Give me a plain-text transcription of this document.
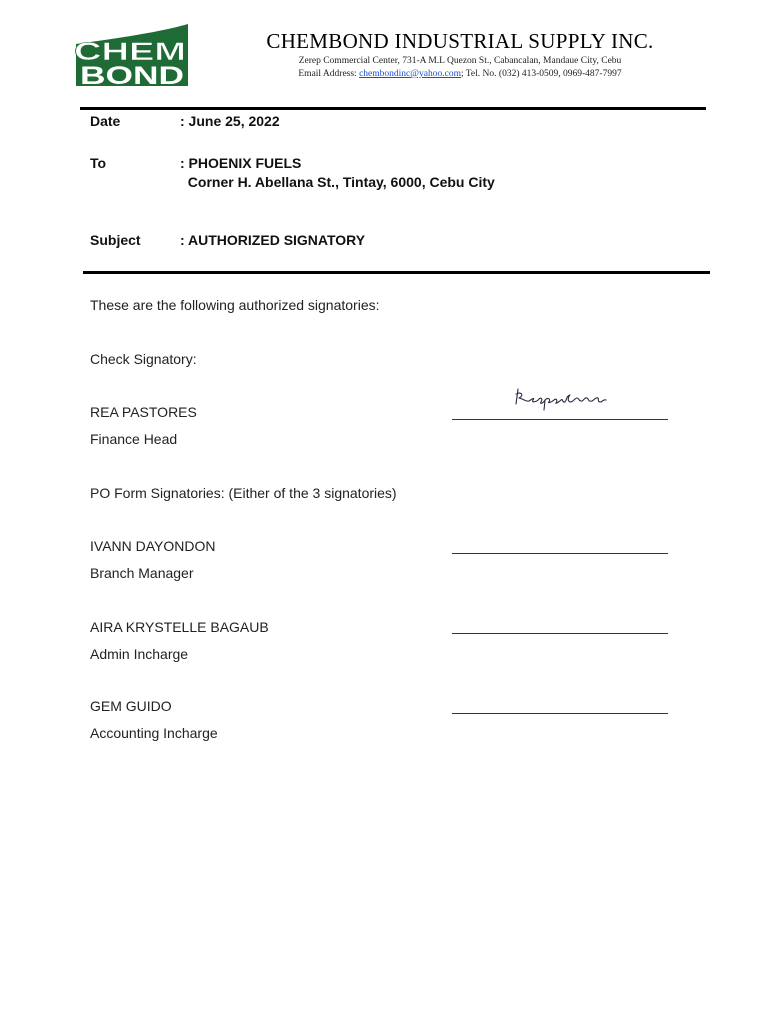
CHEM
BOND
CHEMBOND INDUSTRIAL SUPPLY INC.
Zerep Commercial Center, 731-A M.L Quezon St., Cabancalan, Mandaue City, Cebu
Email Address: chembondinc@yahoo.com; Tel. No. (032) 413-0509, 0969-487-7997
Date	: June 25, 2022
To	: PHOENIX FUELS
Corner H. Abellana St., Tintay, 6000, Cebu City
Subject	: AUTHORIZED SIGNATORY
These are the following authorized signatories:
Check Signatory:
REA PASTORES
Finance Head
PO Form Signatories: (Either of the 3 signatories)
IVANN DAYONDON
Branch Manager
AIRA KRYSTELLE BAGAUB
Admin Incharge
GEM GUIDO
Accounting Incharge
